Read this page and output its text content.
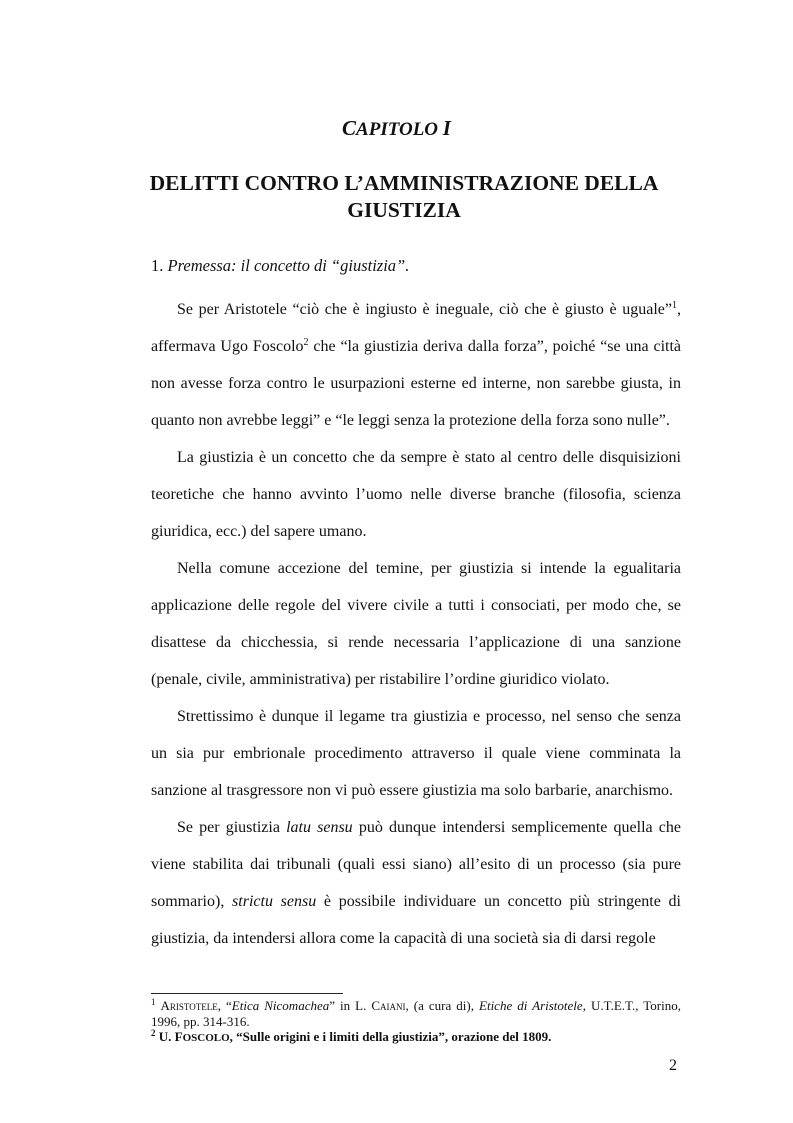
CAPITOLO I
DELITTI CONTRO L’AMMINISTRAZIONE DELLA GIUSTIZIA
1. Premessa: il concetto di “giustizia”.

Se per Aristotele “ciò che è ingiusto è ineguale, ciò che è giusto è uguale”$^1$, affermava Ugo Foscolo$^2$ che “la giustizia deriva dalla forza”, poiché “se una città non avesse forza contro le usurpazioni esterne ed interne, non sarebbe giusta, in quanto non avrebbe leggi” e “le leggi senza la protezione della forza sono nulle”.

La giustizia è un concetto che da sempre è stato al centro delle disquisizioni teoretiche che hanno avvinto l’uomo nelle diverse branche (filosofia, scienza giuridica, ecc.) del sapere umano.

Nella comune accezione del temine, per giustizia si intende la egualitaria applicazione delle regole del vivere civile a tutti i consociati, per modo che, se disattese da chicchessia, si rende necessaria l’applicazione di una sanzione (penale, civile, amministrativa) per ristabilire l’ordine giuridico violato.

Strettissimo è dunque il legame tra giustizia e processo, nel senso che senza un sia pur embrionale procedimento attraverso il quale viene comminata la sanzione al trasgressore non vi può essere giustizia ma solo barbarie, anarchismo.

Se per giustizia latu sensu può dunque intendersi semplicemente quella che viene stabilita dai tribunali (quali essi siano) all’esito di un processo (sia pure sommario), strictu sensu è possibile individuare un concetto più stringente di giustizia, da intendersi allora come la capacità di una società sia di darsi regole

$^1$ Aristotele, “Etica Nicomachea” in L. Caiani, (a cura di), Etiche di Aristotele, U.T.E.T., Torino, 1996, pp. 314-316.

$^2$ U. FOSCOLO, “Sulle origini e i limiti della giustizia”, orazione del 1809.

2
